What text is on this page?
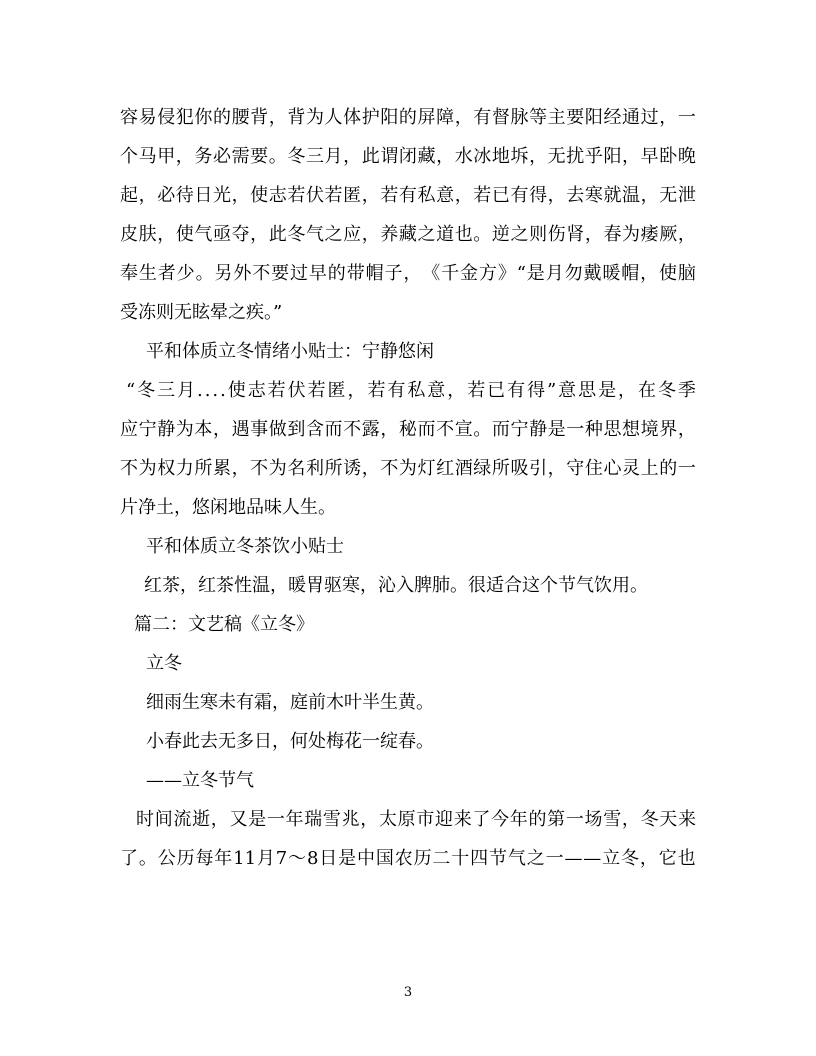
容 易 侵 犯 你 的 腰 背 ， 背 为 人 体 护 阳 的 屏 障 ， 有 督 脉 等 主 要 阳 经 通 过 ， 一
个 马 甲 ， 务 必 需 要 。 冬 三 月 ， 此 谓 闭 藏 ， 水 冰 地 坼 ， 无 扰 乎 阳 ， 早 卧 晚
起 ， 必 待 日 光 ， 使 志 若 伏 若 匿 ， 若 有 私 意 ， 若 已 有 得 ， 去 寒 就 温 ， 无 泄
皮 肤 ， 使 气 亟 夺 ， 此 冬 气 之 应 ， 养 藏 之 道 也 。 逆 之 则 伤 肾 ， 春 为 痿 厥 ，
奉 生 者 少 。 另 外 不 要 过 早 的 带 帽 子 ， 《 千 金 方 》 “ 是 月 勿 戴 暖 帽 ， 使 脑
受冻则无眩晕之疾。”
平和体质立冬情绪小贴士：宁静悠闲
“ 冬 三 月 . . . . 使 志 若 伏 若 匿 ， 若 有 私 意 ， 若 已 有 得 ” 意 思 是 ， 在 冬 季
应 宁 静 为 本 ， 遇 事 做 到 含 而 不 露 ， 秘 而 不 宣 。 而 宁 静 是 一 种 思 想 境 界 ，
不 为 权 力 所 累 ， 不 为 名 利 所 诱 ， 不 为 灯 红 酒 绿 所 吸 引 ， 守 住 心 灵 上 的 一
片净土，悠闲地品味人生。
平和体质立冬茶饮小贴士
红茶，红茶性温，暖胃驱寒，沁入脾肺。很适合这个节气饮用。
篇二：文艺稿《立冬》
立冬
细雨生寒未有霜，庭前木叶半生黄。
小春此去无多日，何处梅花一绽春。
——立冬节气
时 间 流 逝 ， 又 是 一 年 瑞 雪 兆 ， 太 原 市 迎 来 了 今 年 的 第 一 场 雪 ， 冬 天 来
了 。 公 历 每 年 11 月 7 ～ 8 日 是 中 国 农 历 二 十 四 节 气 之 一 — — 立 冬 ， 它 也
3
